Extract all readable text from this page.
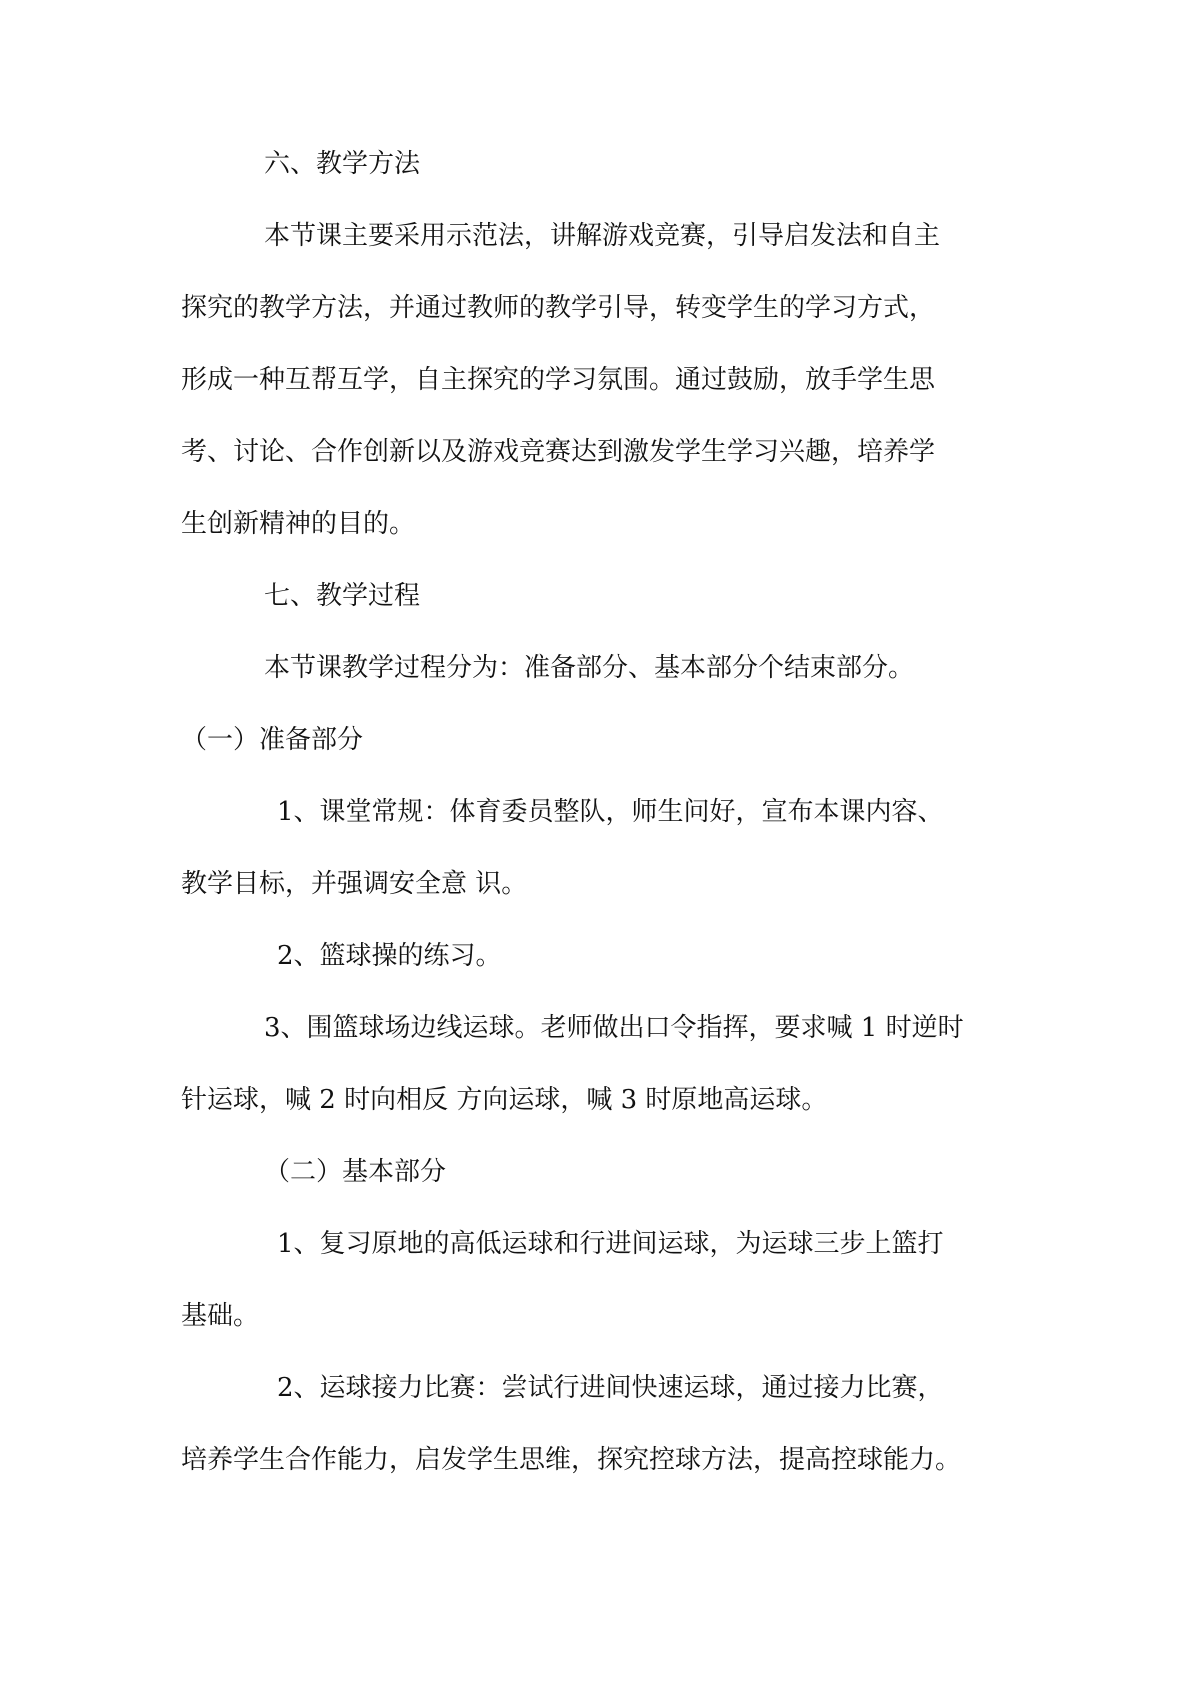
六、教学方法

本节课主要采用示范法，讲解游戏竞赛，引导启发法和自主

探究的教学方法，并通过教师的教学引导，转变学生的学习方式，

形成一种互帮互学，自主探究的学习氛围。通过鼓励，放手学生思

考、讨论、合作创新以及游戏竞赛达到激发学生学习兴趣，培养学

生创新精神的目的。

七、教学过程

本节课教学过程分为：准备部分、基本部分个结束部分。

（一）准备部分

1、课堂常规：体育委员整队，师生问好，宣布本课内容、

教学目标，并强调安全意 识。

2、篮球操的练习。

3、围篮球场边线运球。老师做出口令指挥，要求喊 1 时逆时

针运球，喊 2 时向相反 方向运球，喊 3 时原地高运球。

（二）基本部分

1、复习原地的高低运球和行进间运球，为运球三步上篮打

基础。

2、运球接力比赛：尝试行进间快速运球，通过接力比赛，

培养学生合作能力，启发学生思维，探究控球方法，提高控球能力。
